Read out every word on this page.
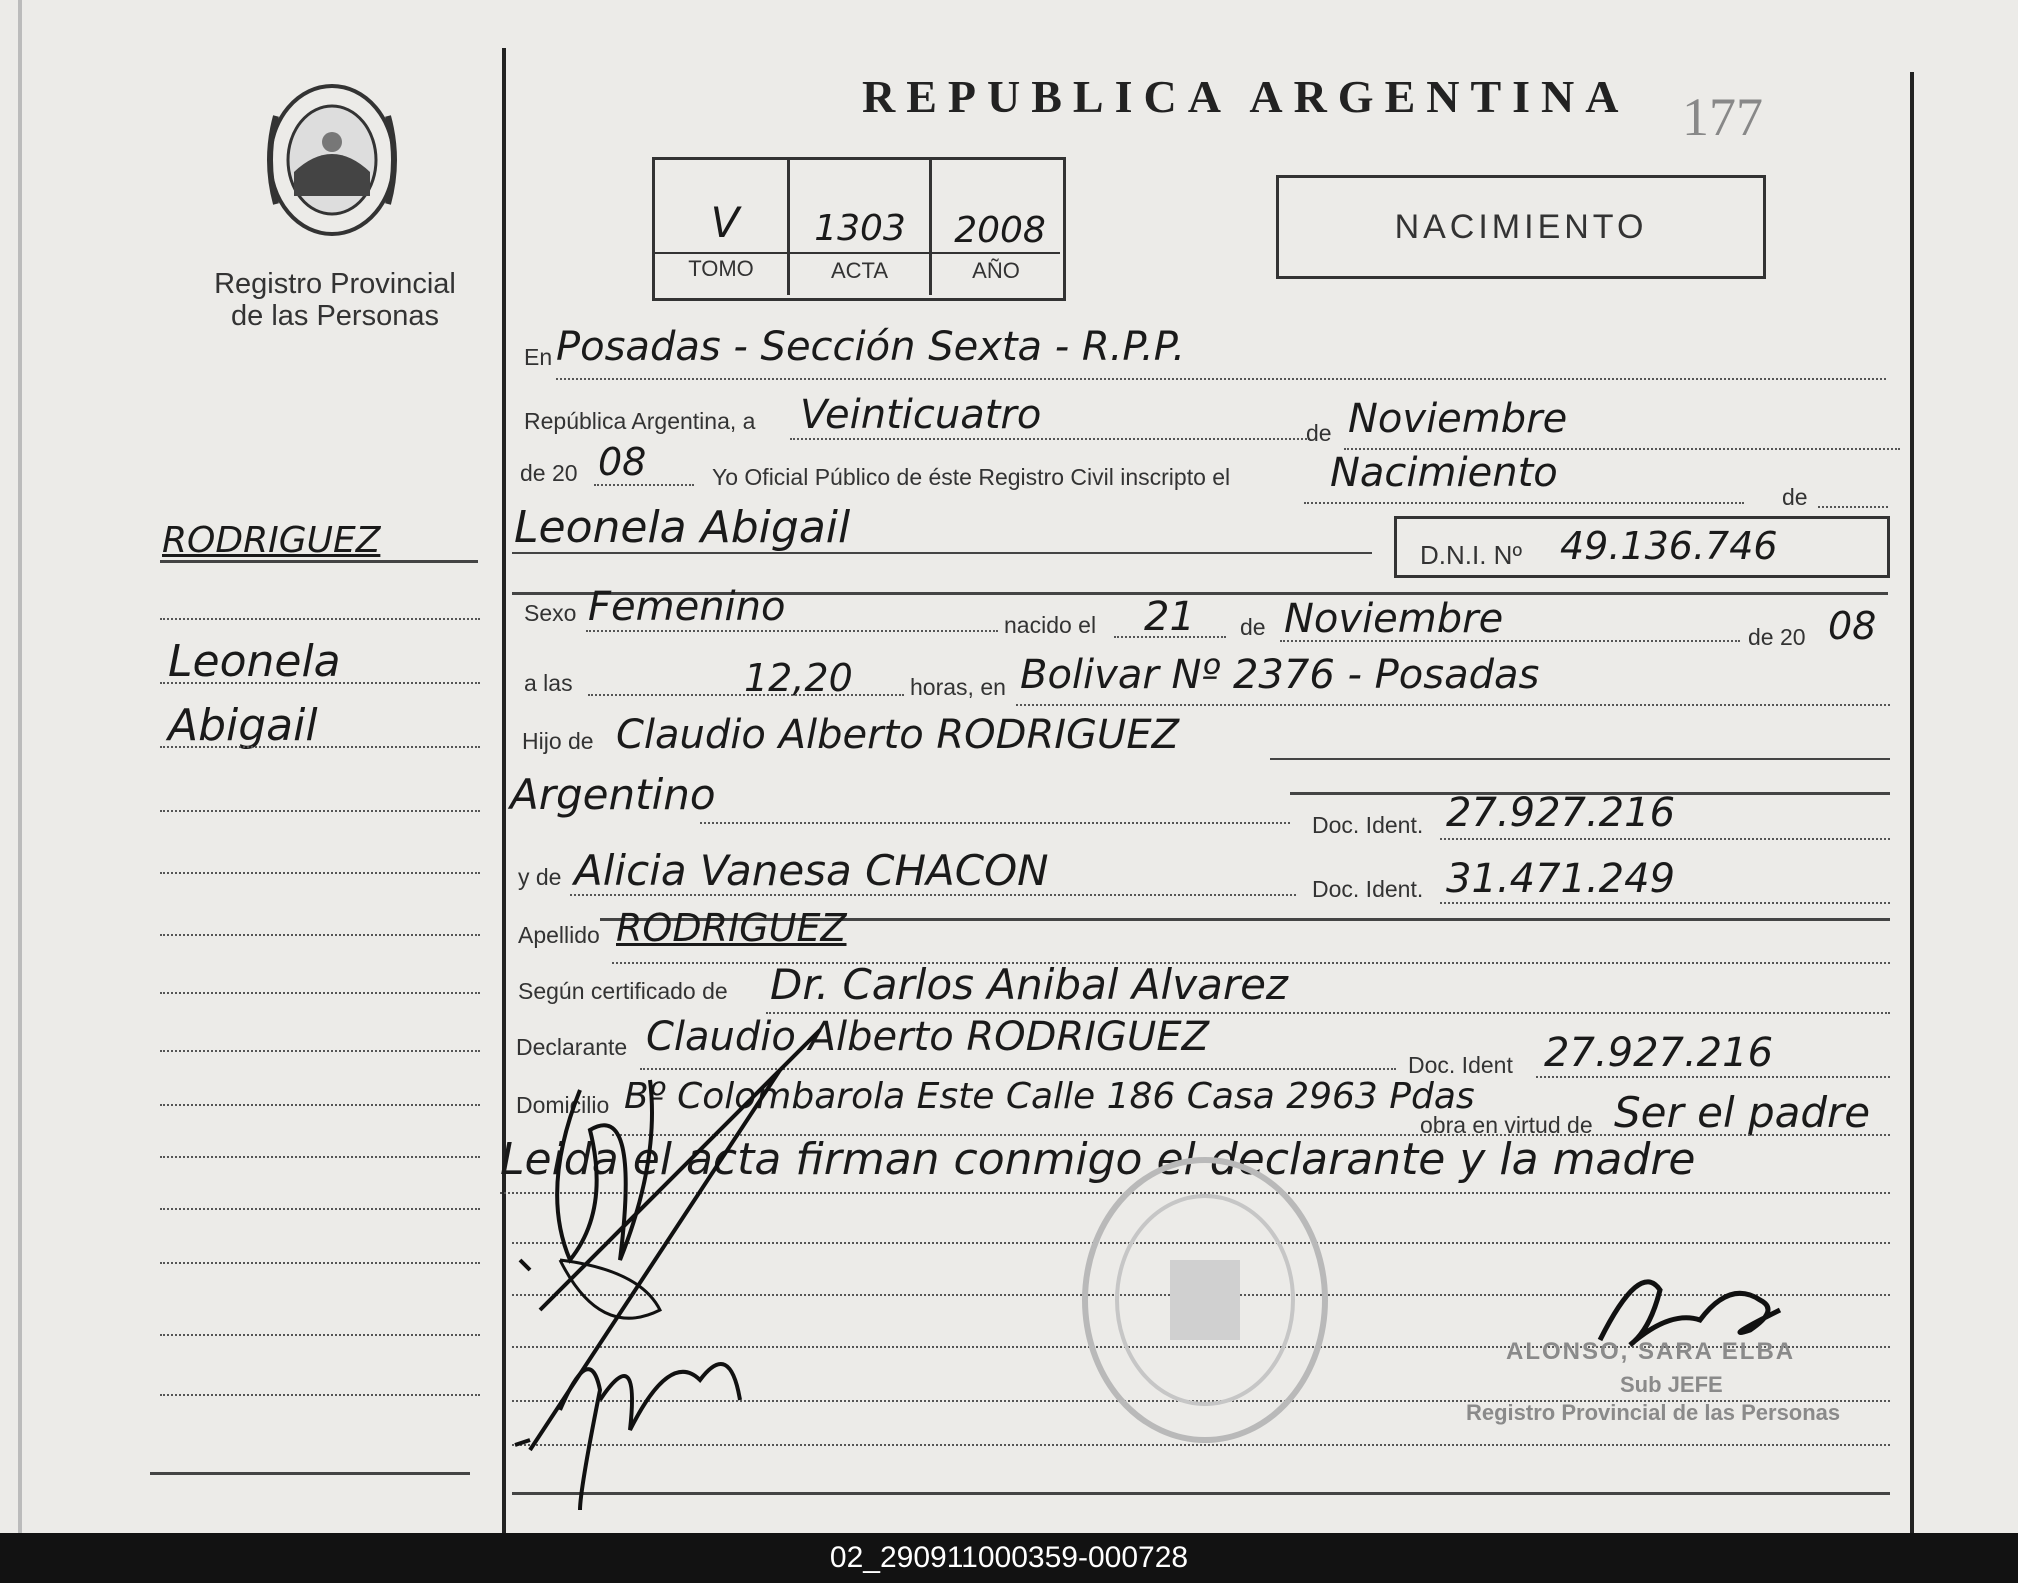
Registro Provincial
de las Personas
REPUBLICA ARGENTINA 177
V	1303	2008
TOMO	ACTA	AÑO
NACIMIENTO
RODRIGUEZ
Leonela
Abigail
En Posadas - Sección Sexta - R.P.P.
República Argentina, a Veinticuatro	de Noviembre
de 20 08	Yo Oficial Público de éste Registro Civil inscripto el Nacimiento
de
Leonela Abigail
D.N.I. Nº 49.136.746
Sexo Femenino	nacido el 21 de Noviembre	de 20 08
a las	12,20 horas, en Bolivar Nº 2376 - Posadas
Hijo de Claudio Alberto RODRIGUEZ
Argentino
Doc. Ident. 27.927.216
y de Alicia Vanesa CHACON	Doc. Ident. 31.471.249
Apellido RODRIGUEZ
Según certificado de Dr. Carlos Anibal Alvarez
Declarante Claudio Alberto RODRIGUEZ
Doc. Ident 27.927.216
Domicilio Bº Colombarola Este Calle 186 Casa 2963 Pdas
obra en virtud de Ser el padre
Leida el acta firman conmigo el declarante y la madre
ALONSO, SARA ELBA
Sub JEFE
Registro Provincial de las Personas
02_290911000359-000728
